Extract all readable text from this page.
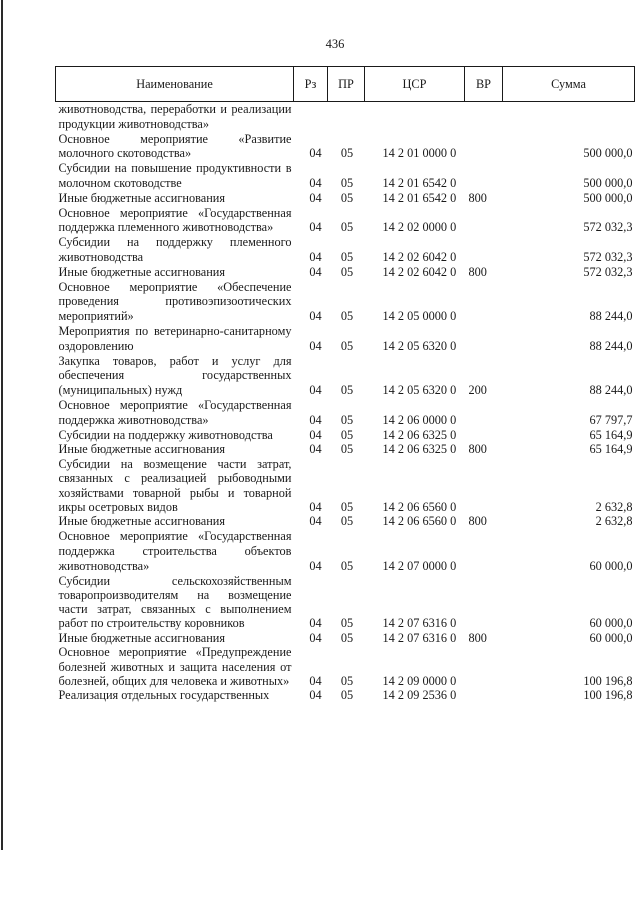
436
Наименование	Рз	ПР	ЦСР	ВР	Сумма
животноводства, переработки и реализации продукции животноводства»					
Основное мероприятие «Развитие молочного скотоводства»	04	05	14 2 01 0000 0		500 000,0
Субсидии на повышение продуктивности в молочном скотоводстве	04	05	14 2 01 6542 0		500 000,0
Иные бюджетные ассигнования	04	05	14 2 01 6542 0	800	500 000,0
Основное мероприятие «Государственная поддержка племенного животноводства»	04	05	14 2 02 0000 0		572 032,3
Субсидии на поддержку племенного животноводства	04	05	14 2 02 6042 0		572 032,3
Иные бюджетные ассигнования	04	05	14 2 02 6042 0	800	572 032,3
Основное мероприятие «Обеспечение проведения противоэпизоотических мероприятий»	04	05	14 2 05 0000 0		88 244,0
Мероприятия по ветеринарно-санитарному оздоровлению	04	05	14 2 05 6320 0		88 244,0
Закупка товаров, работ и услуг для обеспечения государственных (муниципальных) нужд	04	05	14 2 05 6320 0	200	88 244,0
Основное мероприятие «Государственная поддержка животноводства»	04	05	14 2 06 0000 0		67 797,7
Субсидии на поддержку животноводства	04	05	14 2 06 6325 0		65 164,9
Иные бюджетные ассигнования	04	05	14 2 06 6325 0	800	65 164,9
Субсидии на возмещение части затрат, связанных с реализацией рыбоводными хозяйствами товарной рыбы и товарной икры осетровых видов	04	05	14 2 06 6560 0		2 632,8
Иные бюджетные ассигнования	04	05	14 2 06 6560 0	800	2 632,8
Основное мероприятие «Государственная поддержка строительства объектов животноводства»	04	05	14 2 07 0000 0		60 000,0
Субсидии сельскохозяйственным товаропроизводителям на возмещение части затрат, связанных с выполнением работ по строительству коровников	04	05	14 2 07 6316 0		60 000,0
Иные бюджетные ассигнования	04	05	14 2 07 6316 0	800	60 000,0
Основное мероприятие «Предупреждение болезней животных и защита населения от болезней, общих для человека и животных»	04	05	14 2 09 0000 0		100 196,8
Реализация отдельных государственных	04	05	14 2 09 2536 0		100 196,8
